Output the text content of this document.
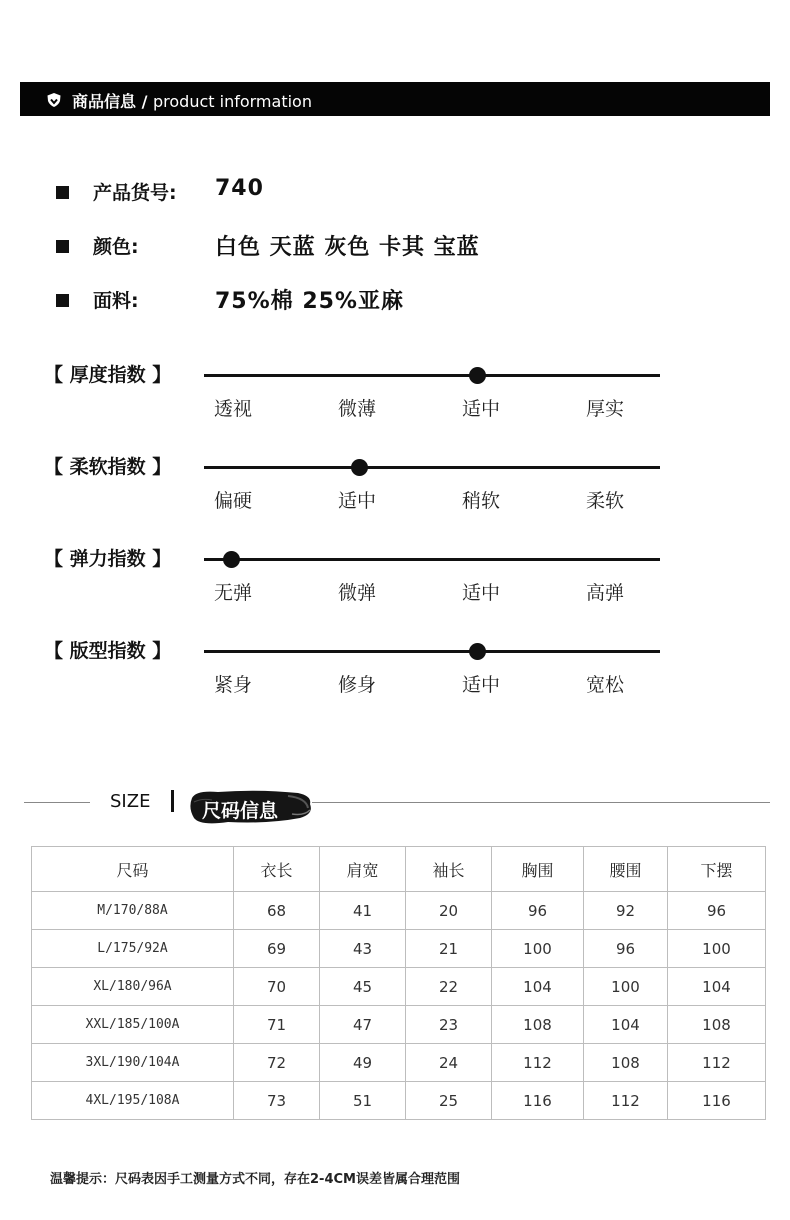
商品信息 / product information
产品货号: 740
颜色:	白色 天蓝 灰色 卡其 宝蓝
面料:	75%棉 25%亚麻
【 厚度指数 】
透视	微薄	适中	厚实
【 柔软指数 】
偏硬	适中	稍软	柔软
【 弹力指数 】
无弹	微弹	适中	高弹
【 版型指数 】
紧身	修身	适中	宽松
SIZE	尺码信息
尺码	衣长	肩宽	袖长	胸围	腰围	下摆
M/170/88A	68	41	20	96	92	96
L/175/92A	69	43	21	100	96	100
XL/180/96A	70	45	22	104	100	104
XXL/185/100A	71	47	23	108	104	108
3XL/190/104A	72	49	24	112	108	112
4XL/195/108A	73	51	25	116	112	116
温馨提示：尺码表因手工测量方式不同，存在2-4CM误差皆属合理范围
